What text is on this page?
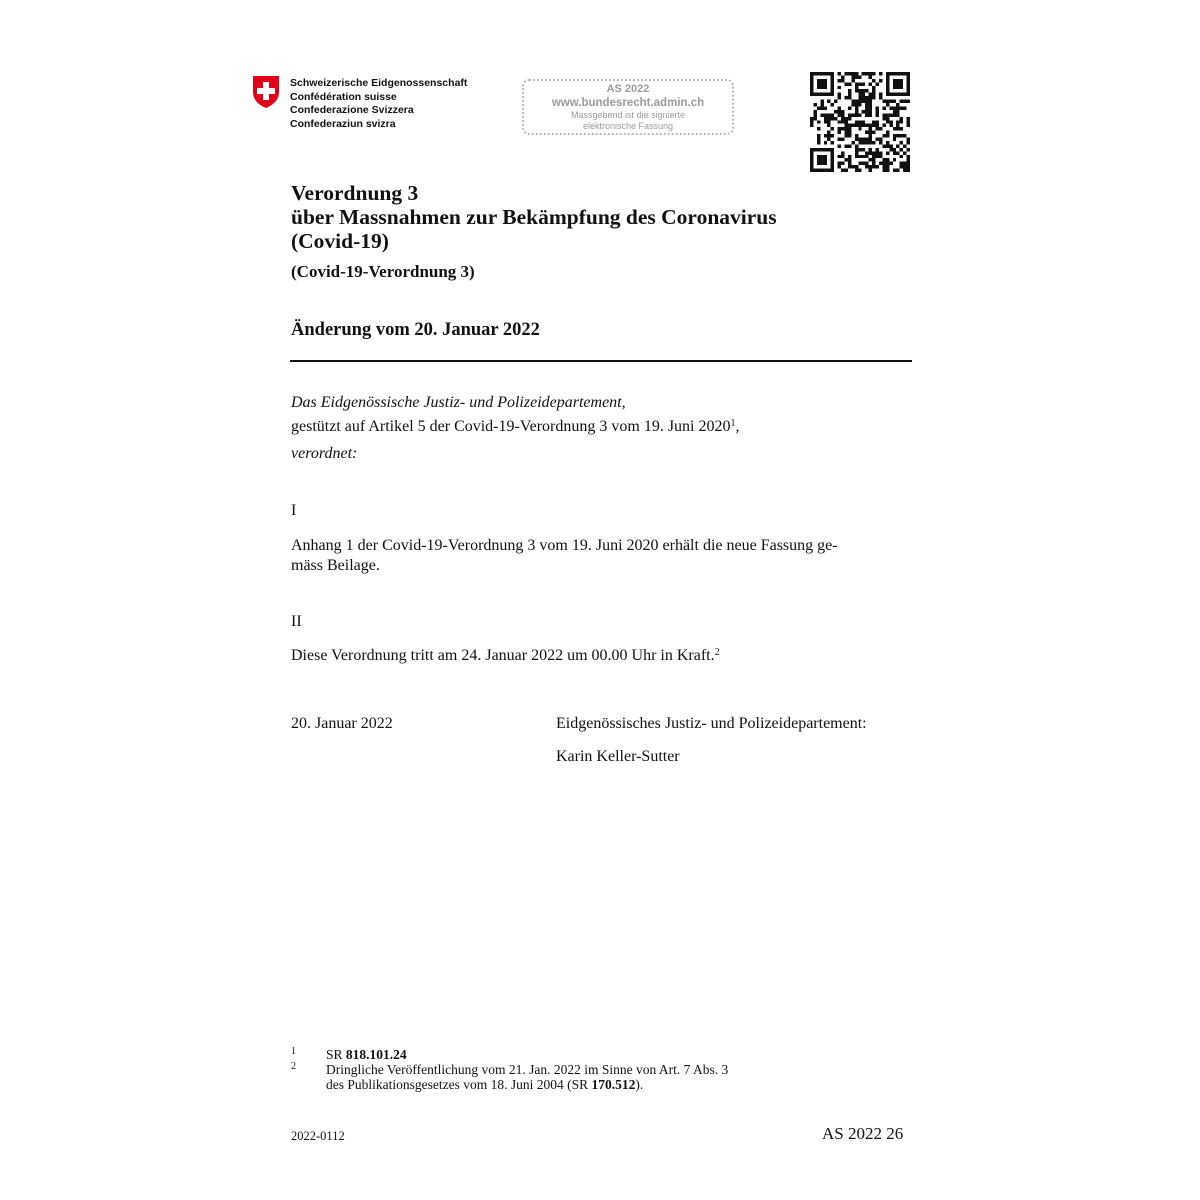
Schweizerische Eidgenossenschaft
Confédération suisse
Confederazione Svizzera
Confederaziun svizra
AS 2022
www.bundesrecht.admin.ch
Massgebend ist die signierte
elektronische Fassung
Verordnung 3
über Massnahmen zur Bekämpfung des Coronavirus
(Covid-19)
(Covid-19-Verordnung 3)
Änderung vom 20. Januar 2022
Das Eidgenössische Justiz- und Polizeidepartement,
gestützt auf Artikel 5 der Covid-19-Verordnung 3 vom 19. Juni 2020$^1$,
verordnet:
I
Anhang 1 der Covid-19-Verordnung 3 vom 19. Juni 2020 erhält die neue Fassung ge-
mäss Beilage.
II
Diese Verordnung tritt am 24. Januar 2022 um 00.00 Uhr in Kraft.$^2$
20. Januar 2022	Eidgenössisches Justiz- und Polizeidepartement:
Karin Keller-Sutter
1 SR 818.101.24
2 Dringliche Veröffentlichung vom 21. Jan. 2022 im Sinne von Art. 7 Abs. 3
des Publikationsgesetzes vom 18. Juni 2004 (SR 170.512).
2022-0112	AS 2022 26
